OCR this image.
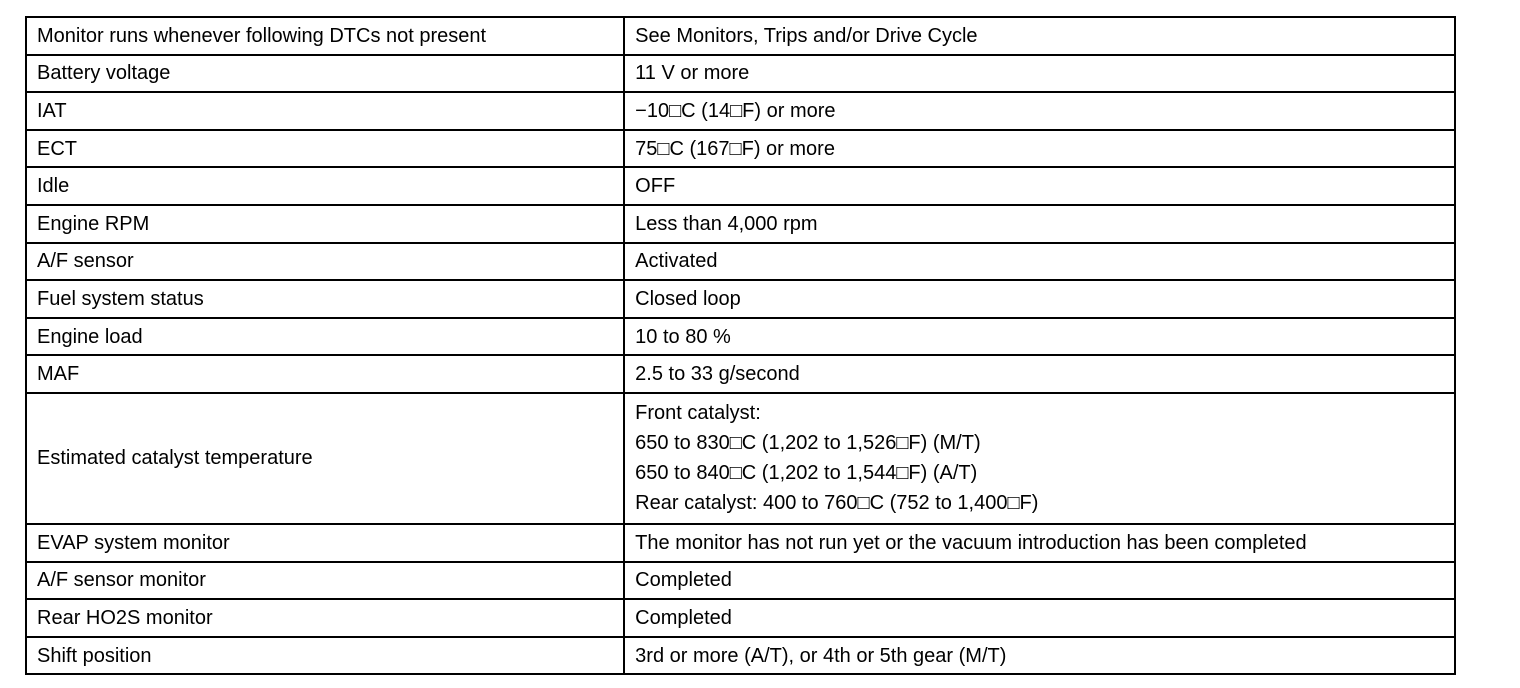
Monitor runs whenever following DTCs not present	See Monitors, Trips and/or Drive Cycle
Battery voltage	11 V or more
IAT	−10□C (14□F) or more
ECT	75□C (167□F) or more
Idle	OFF
Engine RPM	Less than 4,000 rpm
A/F sensor	Activated
Fuel system status	Closed loop
Engine load	10 to 80 %
MAF	2.5 to 33 g/second
Estimated catalyst temperature	Front catalyst:
650 to 830□C (1,202 to 1,526□F) (M/T)
650 to 840□C (1,202 to 1,544□F) (A/T)
Rear catalyst: 400 to 760□C (752 to 1,400□F)

EVAP system monitor	The monitor has not run yet or the vacuum introduction has been completed
A/F sensor monitor	Completed
Rear HO2S monitor	Completed
Shift position	3rd or more (A/T), or 4th or 5th gear (M/T)
